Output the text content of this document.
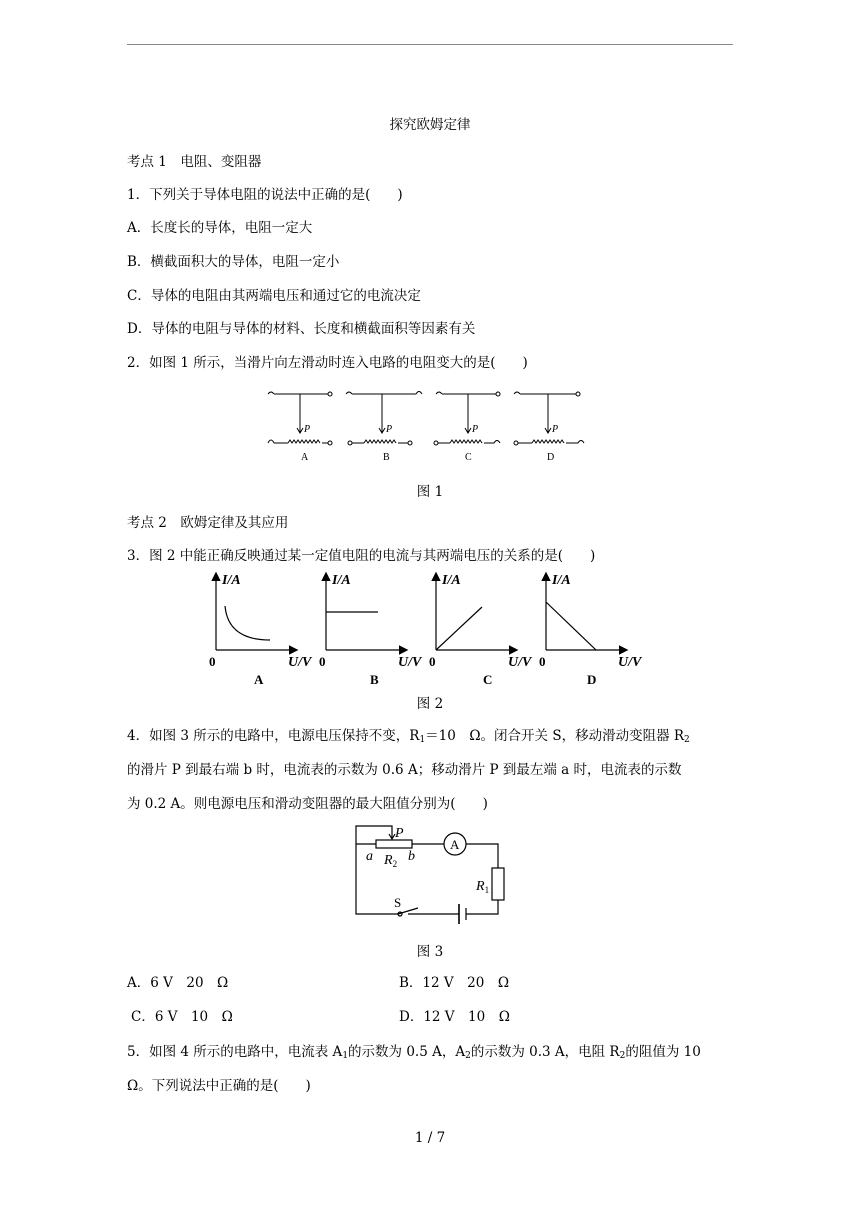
探究欧姆定律
考点 1　电阻、变阻器
1．下列关于导体电阻的说法中正确的是(　　)
A．长度长的导体，电阻一定大
B．横截面积大的导体，电阻一定小
C．导体的电阻由其两端电压和通过它的电流决定
D．导体的电阻与导体的材料、长度和横截面积等因素有关
2．如图 1 所示，当滑片向左滑动时连入电路的电阻变大的是(　　)
P	P	P	P
A	B	C	D
图 1
考点 2　欧姆定律及其应用
3．图 2 中能正确反映通过某一定值电阻的电流与其两端电压的关系的是(　　)
I/A	I/A	I/A	I/A
U/V	U/V	U/V	U/V
0	0	0	0
A	B	C	D
图 2
4．如图 3 所示的电路中，电源电压保持不变，$R_1=10$　Ω。闭合开关 S，移动滑动变阻器 $R_2$
的滑片 P 到最右端 b 时，电流表的示数为 0.6 A；移动滑片 P 到最左端 a 时，电流表的示数
为 0.2 A。则电源电压和滑动变阻器的最大阻值分别为(　　)
P
a	b
$R_2$
$R_1$
A
S
图 3
A．6 V　20　Ω	B．12 V　20　Ω
C．6 V　10　Ω	D．12 V　10　Ω
5．如图 4 所示的电路中，电流表 $A_1$的示数为 0.5 A，$A_2$的示数为 0.3 A，电阻 $R_2$的阻值为 10
Ω。下列说法中正确的是(　　)
1 / 7
